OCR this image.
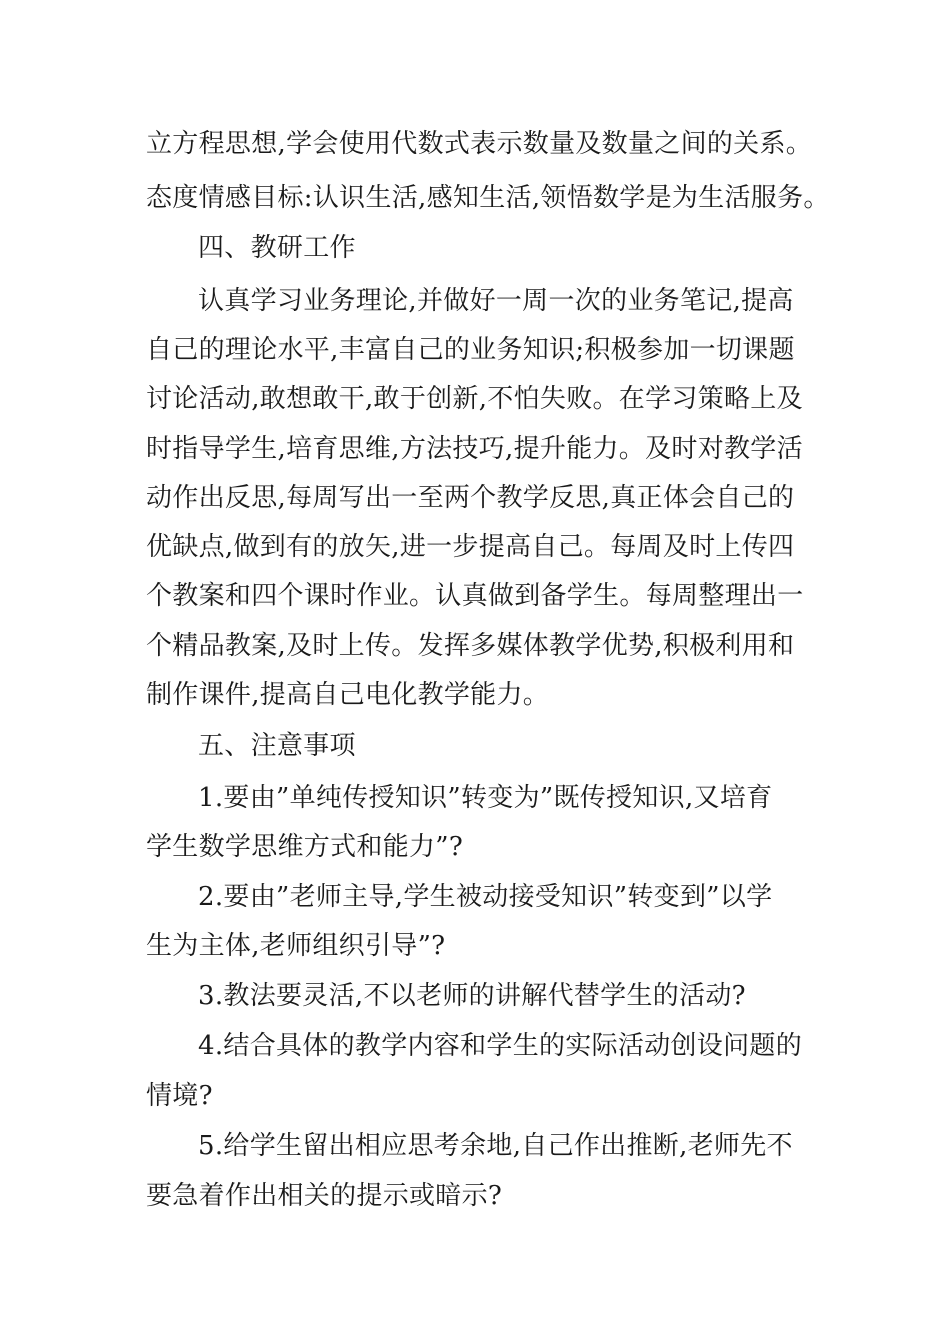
立方程思想,学会使用代数式表示数量及数量之间的关系。

态度情感目标:认识生活,感知生活,领悟数学是为生活服务。

四、教研工作

认真学习业务理论,并做好一周一次的业务笔记,提高

自己的理论水平,丰富自己的业务知识;积极参加一切课题

讨论活动,敢想敢干,敢于创新,不怕失败。在学习策略上及

时指导学生,培育思维,方法技巧,提升能力。及时对教学活

动作出反思,每周写出一至两个教学反思,真正体会自己的

优缺点,做到有的放矢,进一步提高自己。每周及时上传四

个教案和四个课时作业。认真做到备学生。每周整理出一

个精品教案,及时上传。发挥多媒体教学优势,积极利用和

制作课件,提高自己电化教学能力。

五、注意事项

1.要由”单纯传授知识”转变为”既传授知识,又培育

学生数学思维方式和能力”?

2.要由”老师主导,学生被动接受知识”转变到”以学

生为主体,老师组织引导”?

3.教法要灵活,不以老师的讲解代替学生的活动?

4.结合具体的教学内容和学生的实际活动创设问题的

情境?

5.给学生留出相应思考余地,自己作出推断,老师先不

要急着作出相关的提示或暗示?
